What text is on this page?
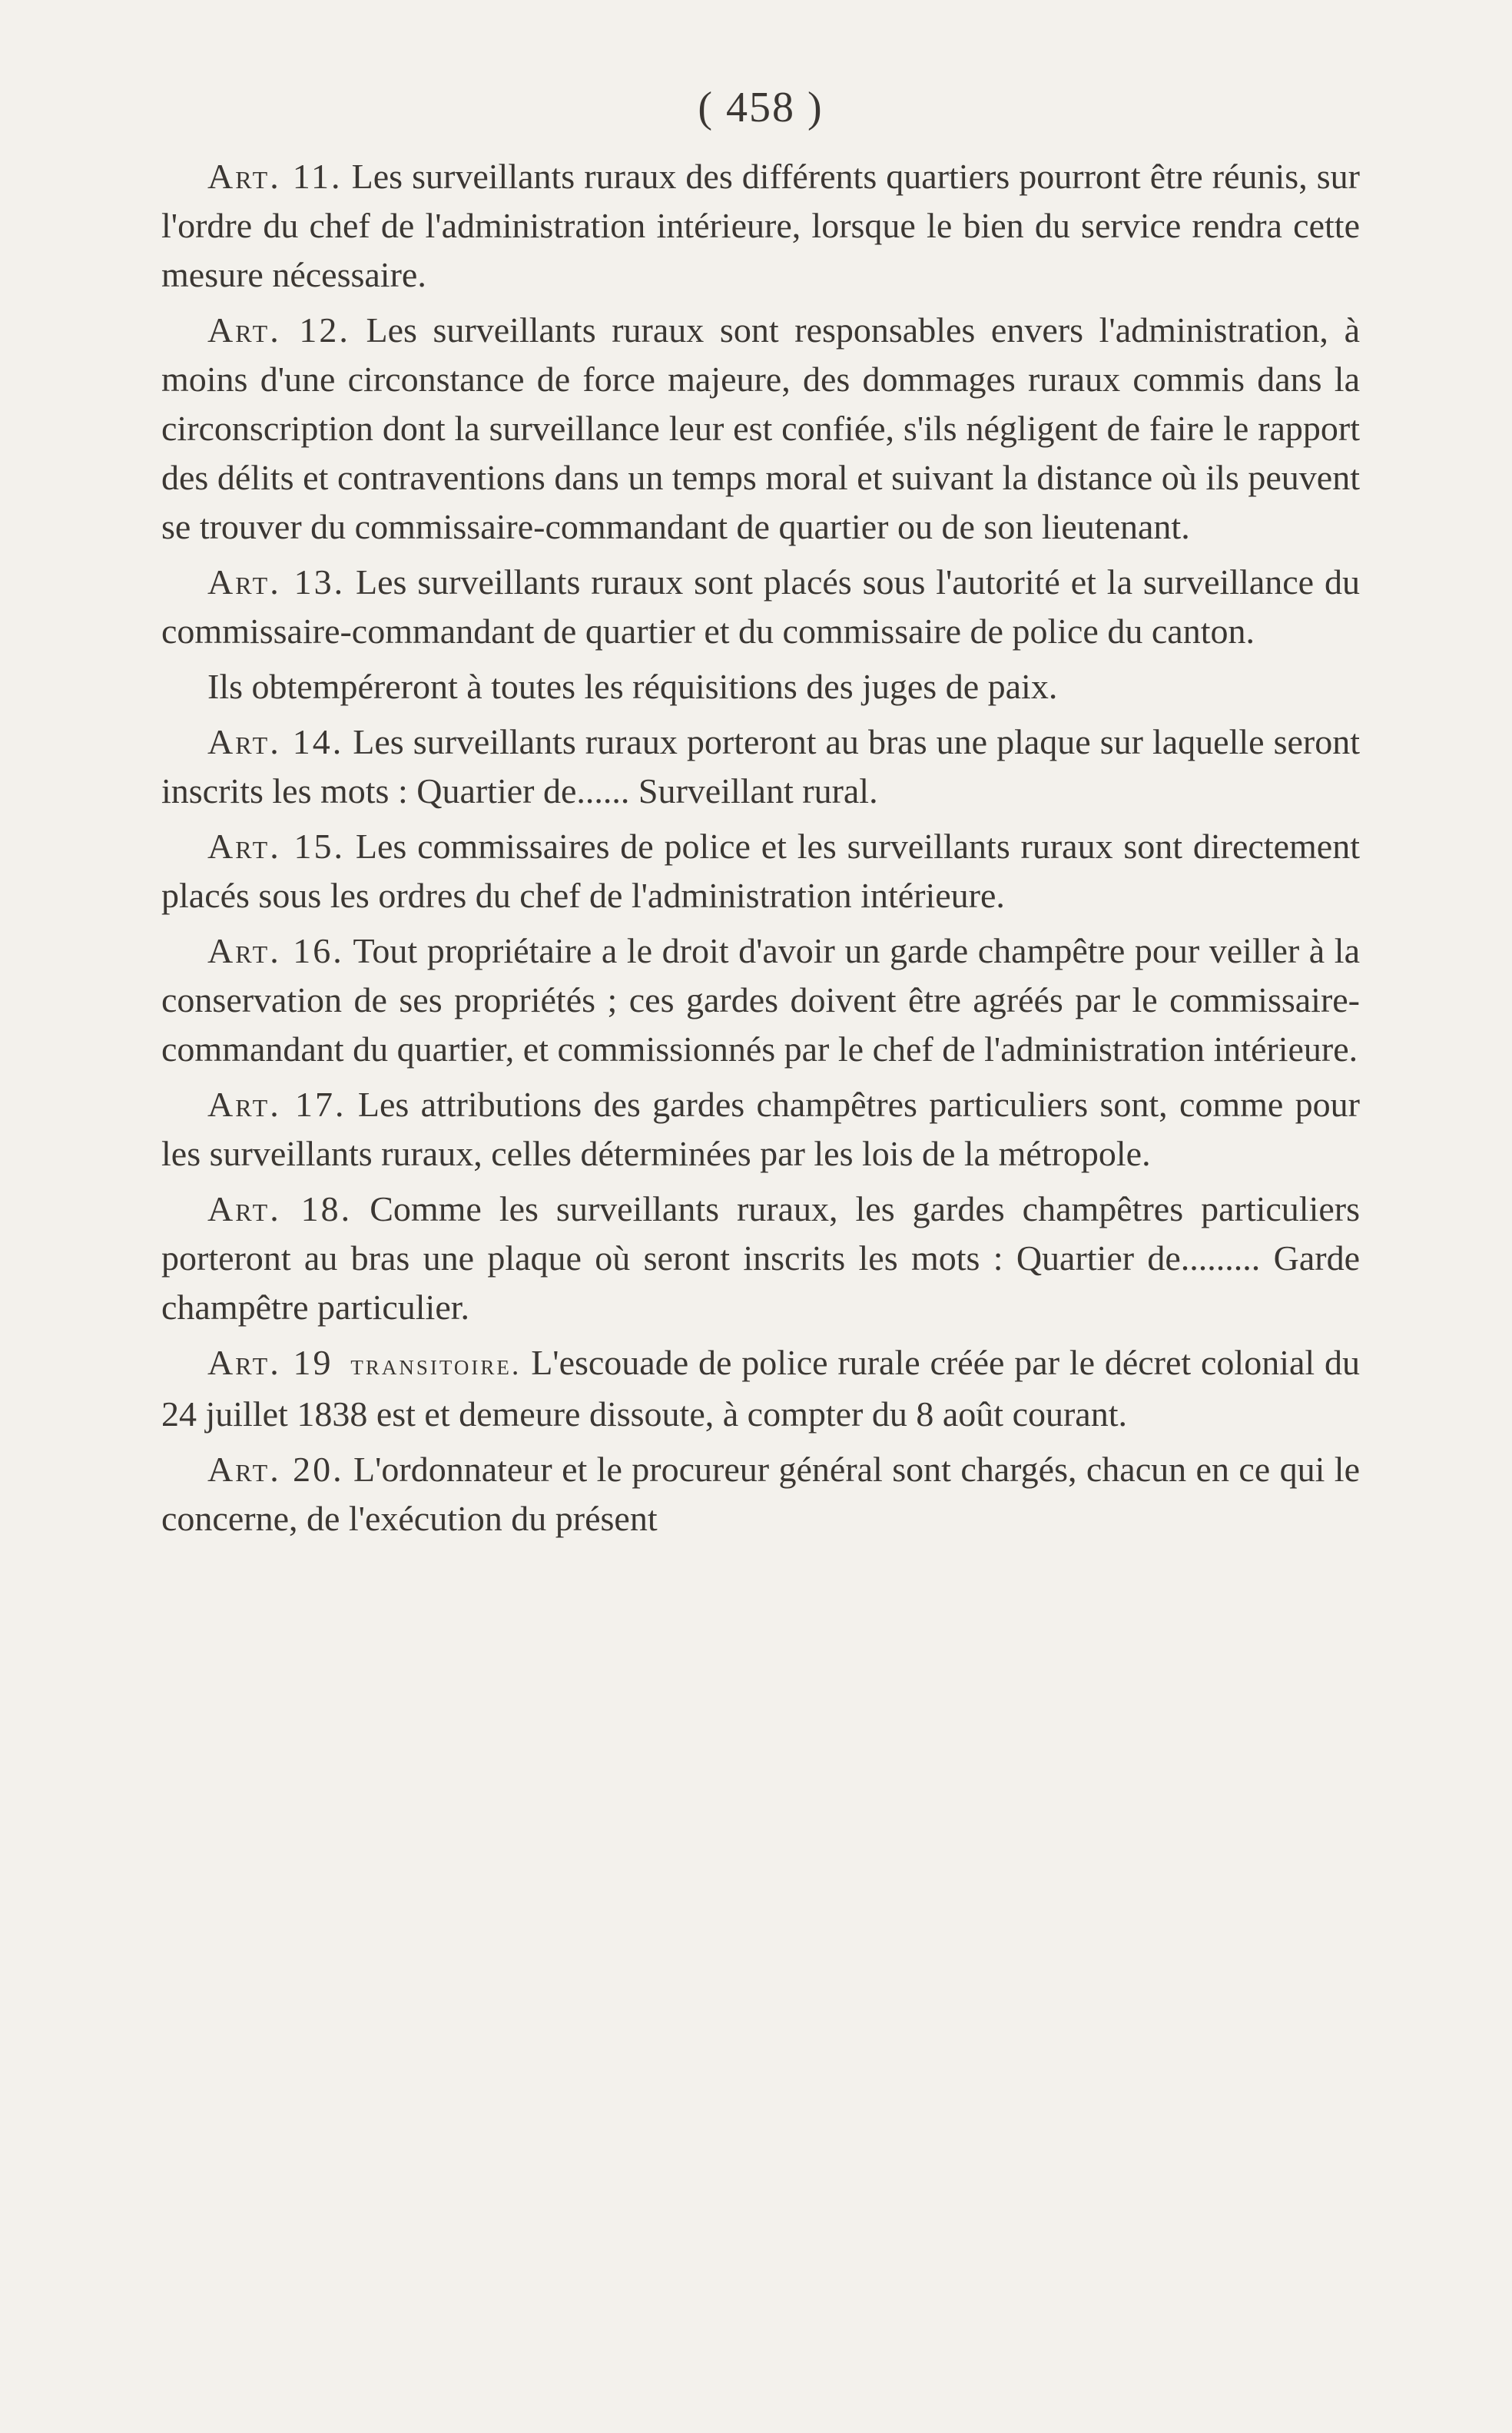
( 458 )

Art. 11. Les surveillants ruraux des différents quartiers pourront être réunis, sur l'ordre du chef de l'administration intérieure, lorsque le bien du service rendra cette mesure nécessaire.

Art. 12. Les surveillants ruraux sont responsables envers l'administration, à moins d'une circonstance de force majeure, des dommages ruraux commis dans la circonscription dont la surveillance leur est confiée, s'ils négligent de faire le rapport des délits et contraventions dans un temps moral et suivant la distance où ils peuvent se trouver du commissaire-commandant de quartier ou de son lieutenant.

Art. 13. Les surveillants ruraux sont placés sous l'autorité et la surveillance du commissaire-commandant de quartier et du commissaire de police du canton.

Ils obtempéreront à toutes les réquisitions des juges de paix.

Art. 14. Les surveillants ruraux porteront au bras une plaque sur laquelle seront inscrits les mots : Quartier de...... Surveillant rural.

Art. 15. Les commissaires de police et les surveillants ruraux sont directement placés sous les ordres du chef de l'administration intérieure.

Art. 16. Tout propriétaire a le droit d'avoir un garde champêtre pour veiller à la conservation de ses propriétés ; ces gardes doivent être agréés par le commissaire-commandant du quartier, et commissionnés par le chef de l'administration intérieure.

Art. 17. Les attributions des gardes champêtres particuliers sont, comme pour les surveillants ruraux, celles déterminées par les lois de la métropole.

Art. 18. Comme les surveillants ruraux, les gardes champêtres particuliers porteront au bras une plaque où seront inscrits les mots : Quartier de......... Garde champêtre particulier.

Art. 19 transitoire. L'escouade de police rurale créée par le décret colonial du 24 juillet 1838 est et demeure dissoute, à compter du 8 août courant.

Art. 20. L'ordonnateur et le procureur général sont chargés, chacun en ce qui le concerne, de l'exécution du présent
